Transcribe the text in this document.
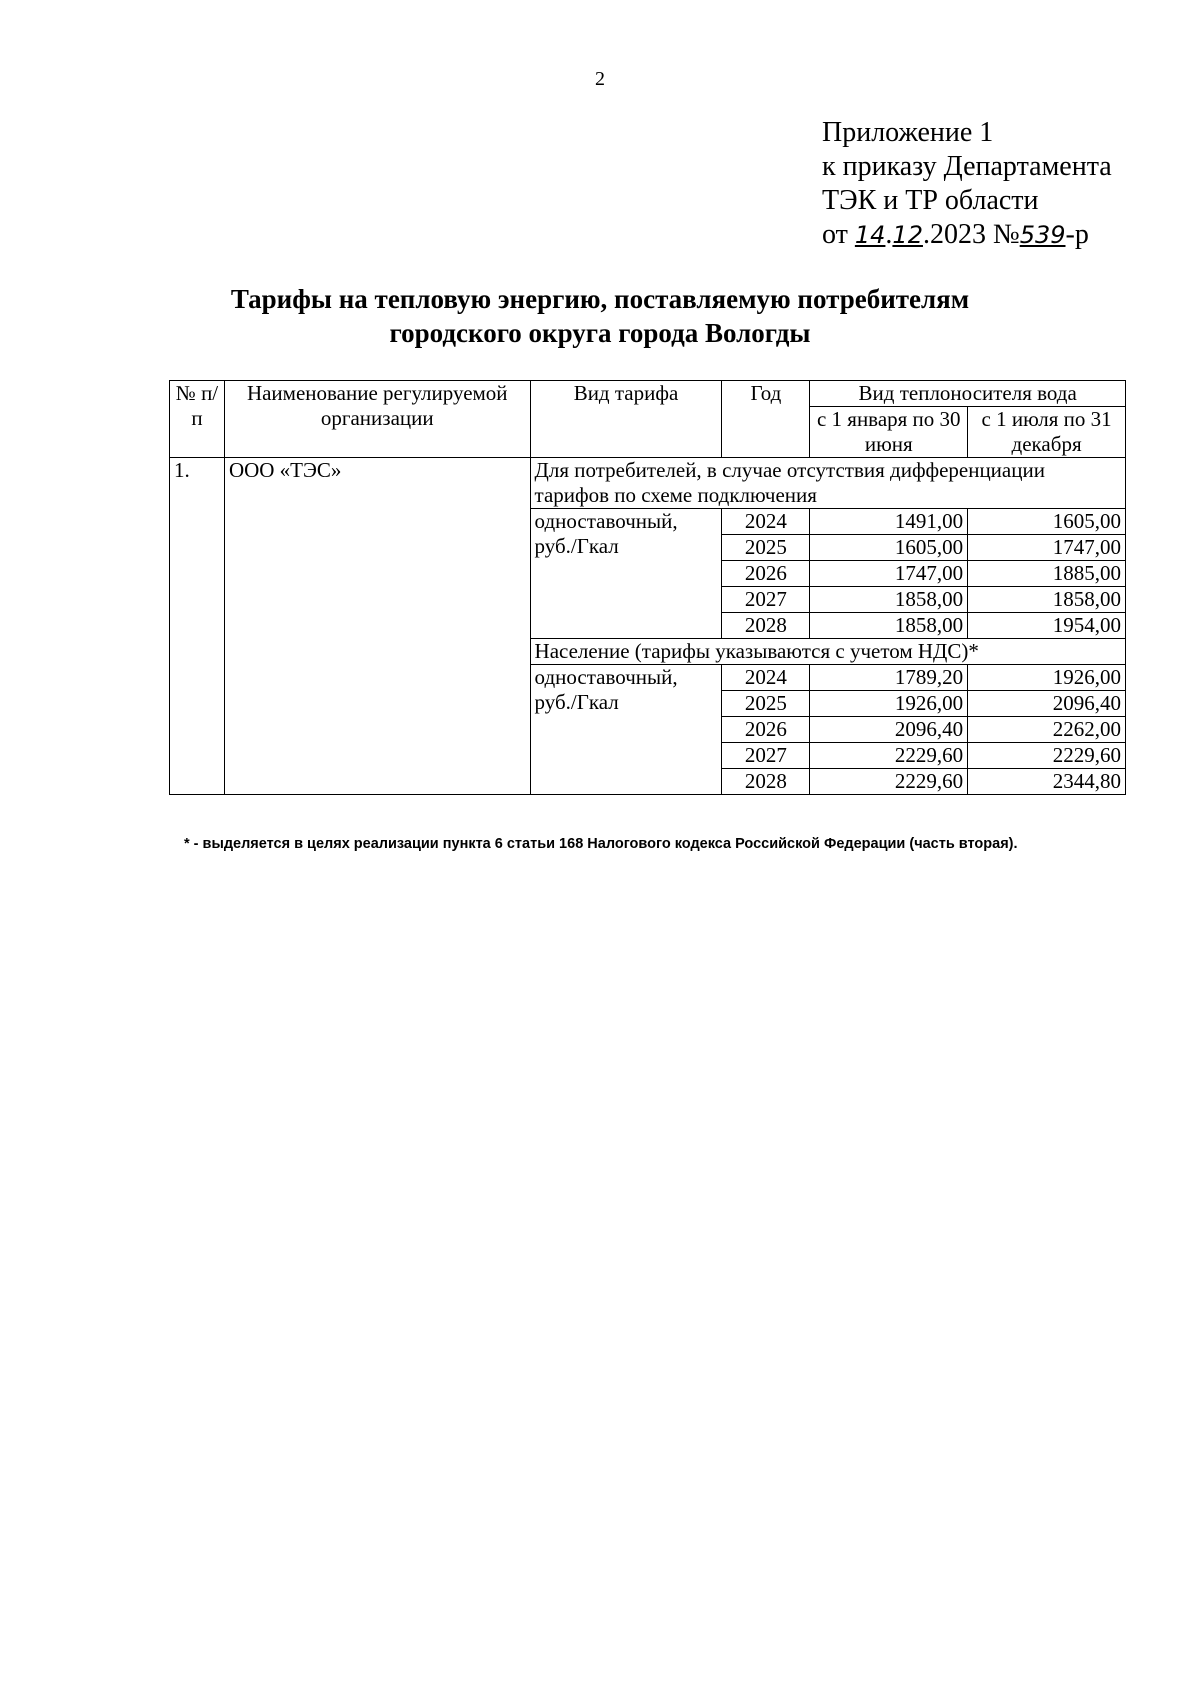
2
Приложение 1
к приказу Департамента
ТЭК и ТР области
от 14.12.2023 №539-р
Тарифы на тепловую энергию, поставляемую потребителям
городского округа города Вологды
№ п/п	Наименование регулируемой организации	Вид тарифа	Год	Вид теплоносителя вода	
				с 1 января по 30 июня	с 1 июля по 31 декабря
1.	ООО «ТЭС»	Для потребителей, в случае отсутствия дифференциации тарифов по схеме подключения			
		одноставочный, руб./Гкал	2024	1491,00	1605,00
			2025	1605,00	1747,00
			2026	1747,00	1885,00
			2027	1858,00	1858,00
			2028	1858,00	1954,00
		Население (тарифы указываются с учетом НДС)*			
		одноставочный, руб./Гкал	2024	1789,20	1926,00
			2025	1926,00	2096,40
			2026	2096,40	2262,00
			2027	2229,60	2229,60
			2028	2229,60	2344,80
* - выделяется в целях реализации пункта 6 статьи 168 Налогового кодекса Российской Федерации (часть вторая).
